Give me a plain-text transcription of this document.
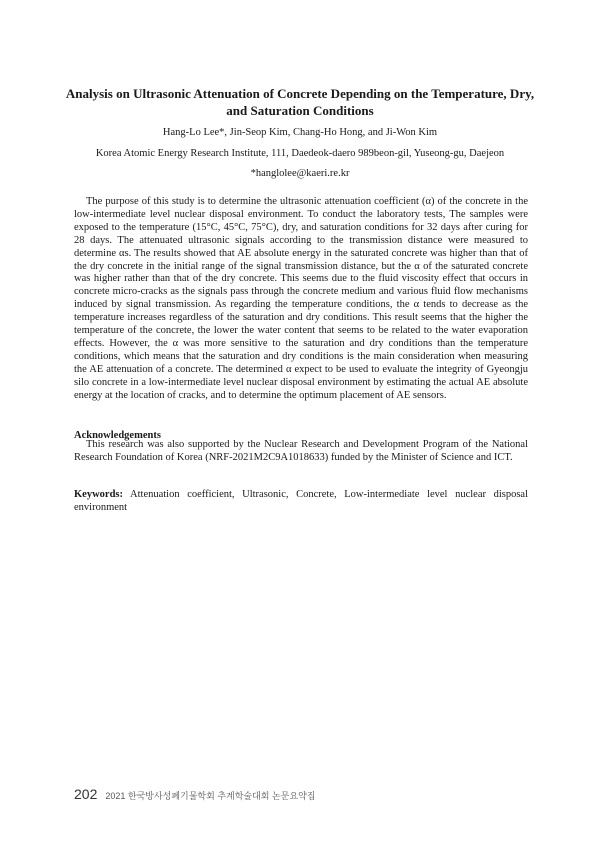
Analysis on Ultrasonic Attenuation of Concrete Depending on the Temperature, Dry, and Saturation Conditions

Hang-Lo Lee*, Jin-Seop Kim, Chang-Ho Hong, and Ji-Won Kim

Korea Atomic Energy Research Institute, 111, Daedeok-daero 989beon-gil, Yuseong-gu, Daejeon

*hanglolee@kaeri.re.kr

The purpose of this study is to determine the ultrasonic attenuation coefficient (α) of the concrete in the low-intermediate level nuclear disposal environment. To conduct the laboratory tests, The samples were exposed to the temperature (15°C, 45°C, 75°C), dry, and saturation conditions for 32 days after curing for 28 days. The attenuated ultrasonic signals according to the transmission distance were measured to determine αs. The results showed that AE absolute energy in the saturated concrete was higher than that of the dry concrete in the initial range of the signal transmission distance, but the α of the saturated concrete was higher rather than that of the dry concrete. This seems due to the fluid viscosity effect that occurs in concrete micro-cracks as the signals pass through the concrete medium and various fluid flow mechanisms induced by signal transmission. As regarding the temperature conditions, the α tends to decrease as the temperature increases regardless of the saturation and dry conditions. This result seems that the higher the temperature of the concrete, the lower the water content that seems to be related to the water evaporation effects. However, the α was more sensitive to the saturation and dry conditions than the temperature conditions, which means that the saturation and dry conditions is the main consideration when measuring the AE attenuation of a concrete. The determined α expect to be used to evaluate the integrity of Gyeongju silo concrete in a low-intermediate level nuclear disposal environment by estimating the actual AE absolute energy at the location of cracks, and to determine the optimum placement of AE sensors.

Acknowledgements

This research was also supported by the Nuclear Research and Development Program of the National Research Foundation of Korea (NRF-2021M2C9A1018633) funded by the Minister of Science and ICT.

Keywords: Attenuation coefficient, Ultrasonic, Concrete, Low-intermediate level nuclear disposal environment

202 2021 한국방사성폐기물학회 추계학술대회 논문요약집
